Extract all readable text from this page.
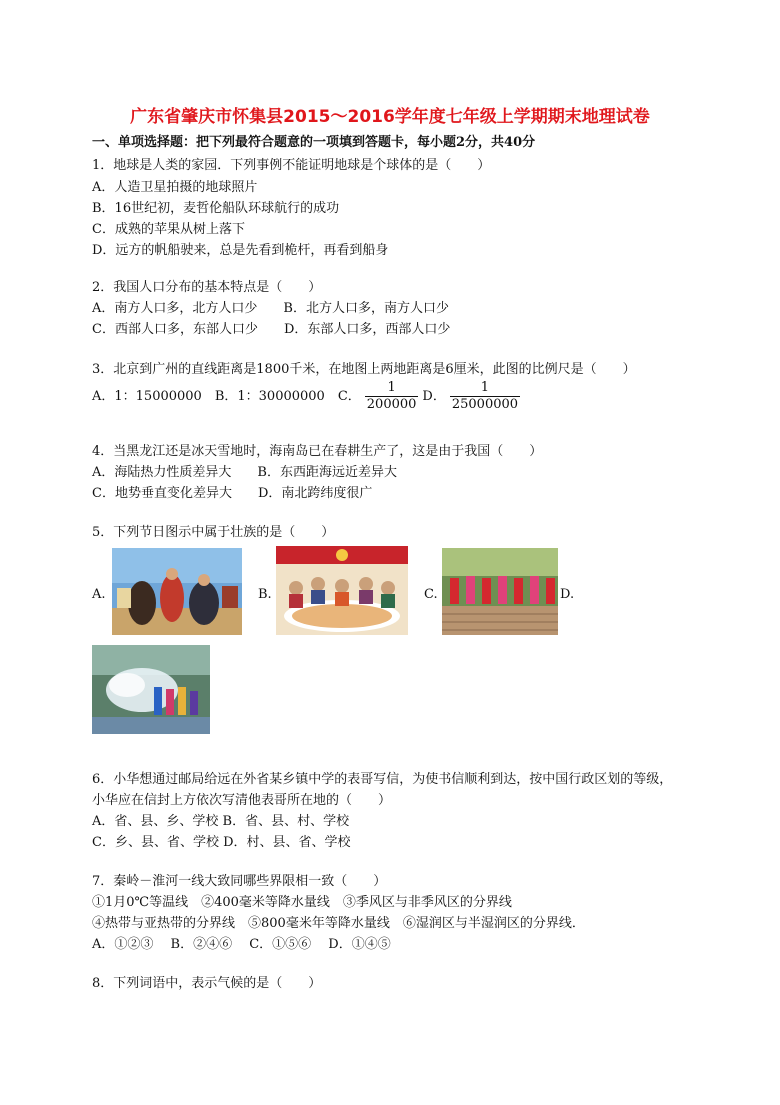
广东省肇庆市怀集县2015～2016学年度七年级上学期期末地理试卷
一、单项选择题：把下列最符合题意的一项填到答题卡，每小题2分，共40分
1．地球是人类的家园．下列事例不能证明地球是个球体的是（　　）
A．人造卫星拍摄的地球照片
B．16世纪初，麦哲伦船队环球航行的成功
C．成熟的苹果从树上落下
D．远方的帆船驶来，总是先看到桅杆，再看到船身
2．我国人口分布的基本特点是（　　）
A．南方人口多，北方人口少　　B．北方人口多，南方人口少
C．西部人口多，东部人口少　　D．东部人口多，西部人口少
3．北京到广州的直线距离是1800千米，在地图上两地距离是6厘米，此图的比例尺是（　　）
A．1：15000000　B．1：30000000　C． $\frac{1}{200000}$ D． $\frac{1}{25000000}$
4．当黑龙江还是冰天雪地时，海南岛已在春耕生产了，这是由于我国（　　）
A．海陆热力性质差异大　　B．东西距海远近差异大
C．地势垂直变化差异大　　D．南北跨纬度很广
5．下列节日图示中属于壮族的是（　　）
A.	B.	C.	D.
6．小华想通过邮局给远在外省某乡镇中学的表哥写信，为使书信顺利到达，按中国行政区划的等级，
小华应在信封上方依次写清他表哥所在地的（　　）
A．省、县、乡、学校 B．省、县、村、学校
C．乡、县、省、学校 D．村、县、省、学校
7．秦岭－淮河一线大致同哪些界限相一致（　　）
①1月0℃等温线　②400毫米等降水量线　③季风区与非季风区的分界线
④热带与亚热带的分界线　⑤800毫米年等降水量线　⑥湿润区与半湿润区的分界线．
A．①②③　 B．②④⑥　 C．①⑤⑥　 D．①④⑤
8．下列词语中，表示气候的是（　　）
